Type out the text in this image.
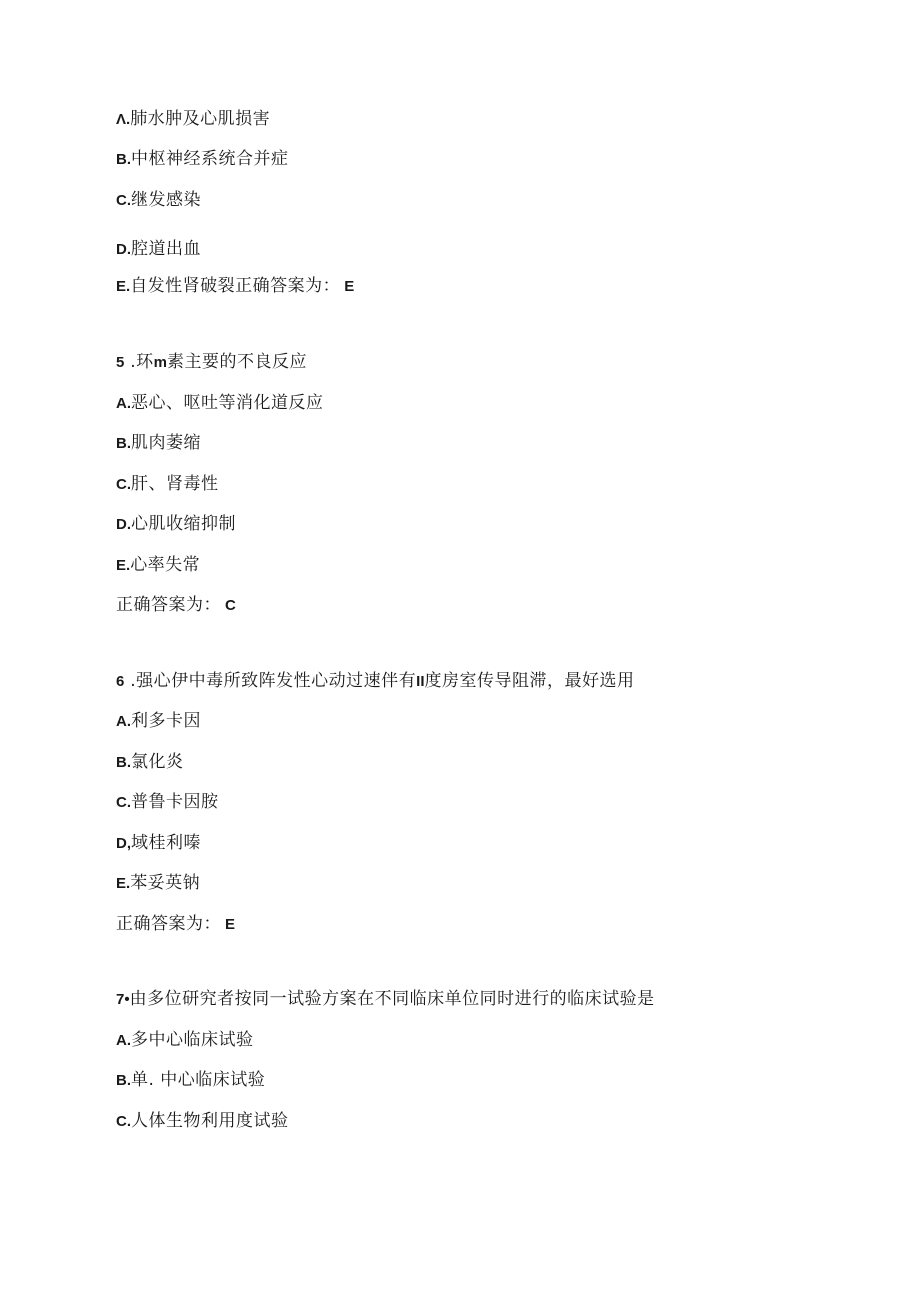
Λ.肺水肿及心肌损害
B.中枢神经系统合并症
C.继发感染
D.腔道出血
E.自发性肾破裂正确答案为： E
5 .环m素主要的不良反应
A.恶心、呕吐等消化道反应
B.肌肉萎缩
C.肝、肾毒性
D.心肌收缩抑制
E.心率失常
正确答案为： C
6 .强心伊中毒所致阵发性心动过速伴有II度房室传导阻滞，最好选用
A.利多卡因
B.氯化炎
C.普鲁卡因胺
D,域桂利嗪
E.苯妥英钠
正确答案为： E
7•由多位研究者按同一试验方案在不同临床单位同时进行的临床试验是
A.多中心临床试验
B.单. 中心临床试验
C.人体生物利用度试验
